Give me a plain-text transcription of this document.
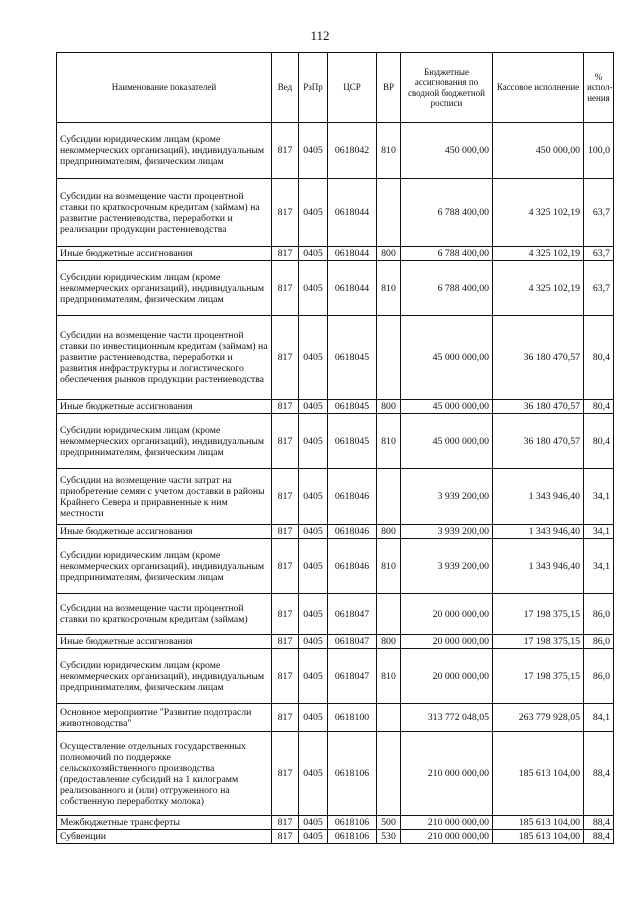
112
Наименование показателей	Вед	РзПр	ЦСР	ВР	Бюджетные ассигнования по сводной бюджетной росписи	Кассовое исполнение	% испол-нения
Субсидии юридическим лицам (кроме некоммерческих организаций), индивидуальным предпринимателям, физическим лицам	817	0405	0618042	810	450 000,00	450 000,00	100,0
Субсидии на возмещение части процентной ставки по краткосрочным кредитам (займам) на развитие растениеводства, переработки и реализации продукции растениеводства	817	0405	0618044		6 788 400,00	4 325 102,19	63,7
Иные бюджетные ассигнования	817	0405	0618044	800	6 788 400,00	4 325 102,19	63,7
Субсидии юридическим лицам (кроме некоммерческих организаций), индивидуальным предпринимателям, физическим лицам	817	0405	0618044	810	6 788 400,00	4 325 102,19	63,7
Субсидии на возмещение части процентной ставки по инвестиционным кредитам (займам) на развитие растениеводства, переработки и развития инфраструктуры и логистического обеспечения рынков продукции растениеводства	817	0405	0618045		45 000 000,00	36 180 470,57	80,4
Иные бюджетные ассигнования	817	0405	0618045	800	45 000 000,00	36 180 470,57	80,4
Субсидии юридическим лицам (кроме некоммерческих организаций), индивидуальным предпринимателям, физическим лицам	817	0405	0618045	810	45 000 000,00	36 180 470,57	80,4
Субсидии на возмещение части затрат на приобретение семян с учетом доставки в районы Крайнего Севера и приравненные к ним местности	817	0405	0618046		3 939 200,00	1 343 946,40	34,1
Иные бюджетные ассигнования	817	0405	0618046	800	3 939 200,00	1 343 946,40	34,1
Субсидии юридическим лицам (кроме некоммерческих организаций), индивидуальным предпринимателям, физическим лицам	817	0405	0618046	810	3 939 200,00	1 343 946,40	34,1
Субсидии на возмещение части процентной ставки по краткосрочным кредитам (займам)	817	0405	0618047		20 000 000,00	17 198 375,15	86,0
Иные бюджетные ассигнования	817	0405	0618047	800	20 000 000,00	17 198 375,15	86,0
Субсидии юридическим лицам (кроме некоммерческих организаций), индивидуальным предпринимателям, физическим лицам	817	0405	0618047	810	20 000 000,00	17 198 375,15	86,0
Основное мероприятие "Развитие подотрасли животноводства"	817	0405	0618100		313 772 048,05	263 779 928,05	84,1
Осуществление отдельных государственных полномочий по поддержке сельскохозяйственного производства (предоставление субсидий на 1 килограмм реализованного и (или) отгруженного на собственную переработку молока)	817	0405	0618106		210 000 000,00	185 613 104,00	88,4
Межбюджетные трансферты	817	0405	0618106	500	210 000 000,00	185 613 104,00	88,4
Субвенции	817	0405	0618106	530	210 000 000,00	185 613 104,00	88,4
